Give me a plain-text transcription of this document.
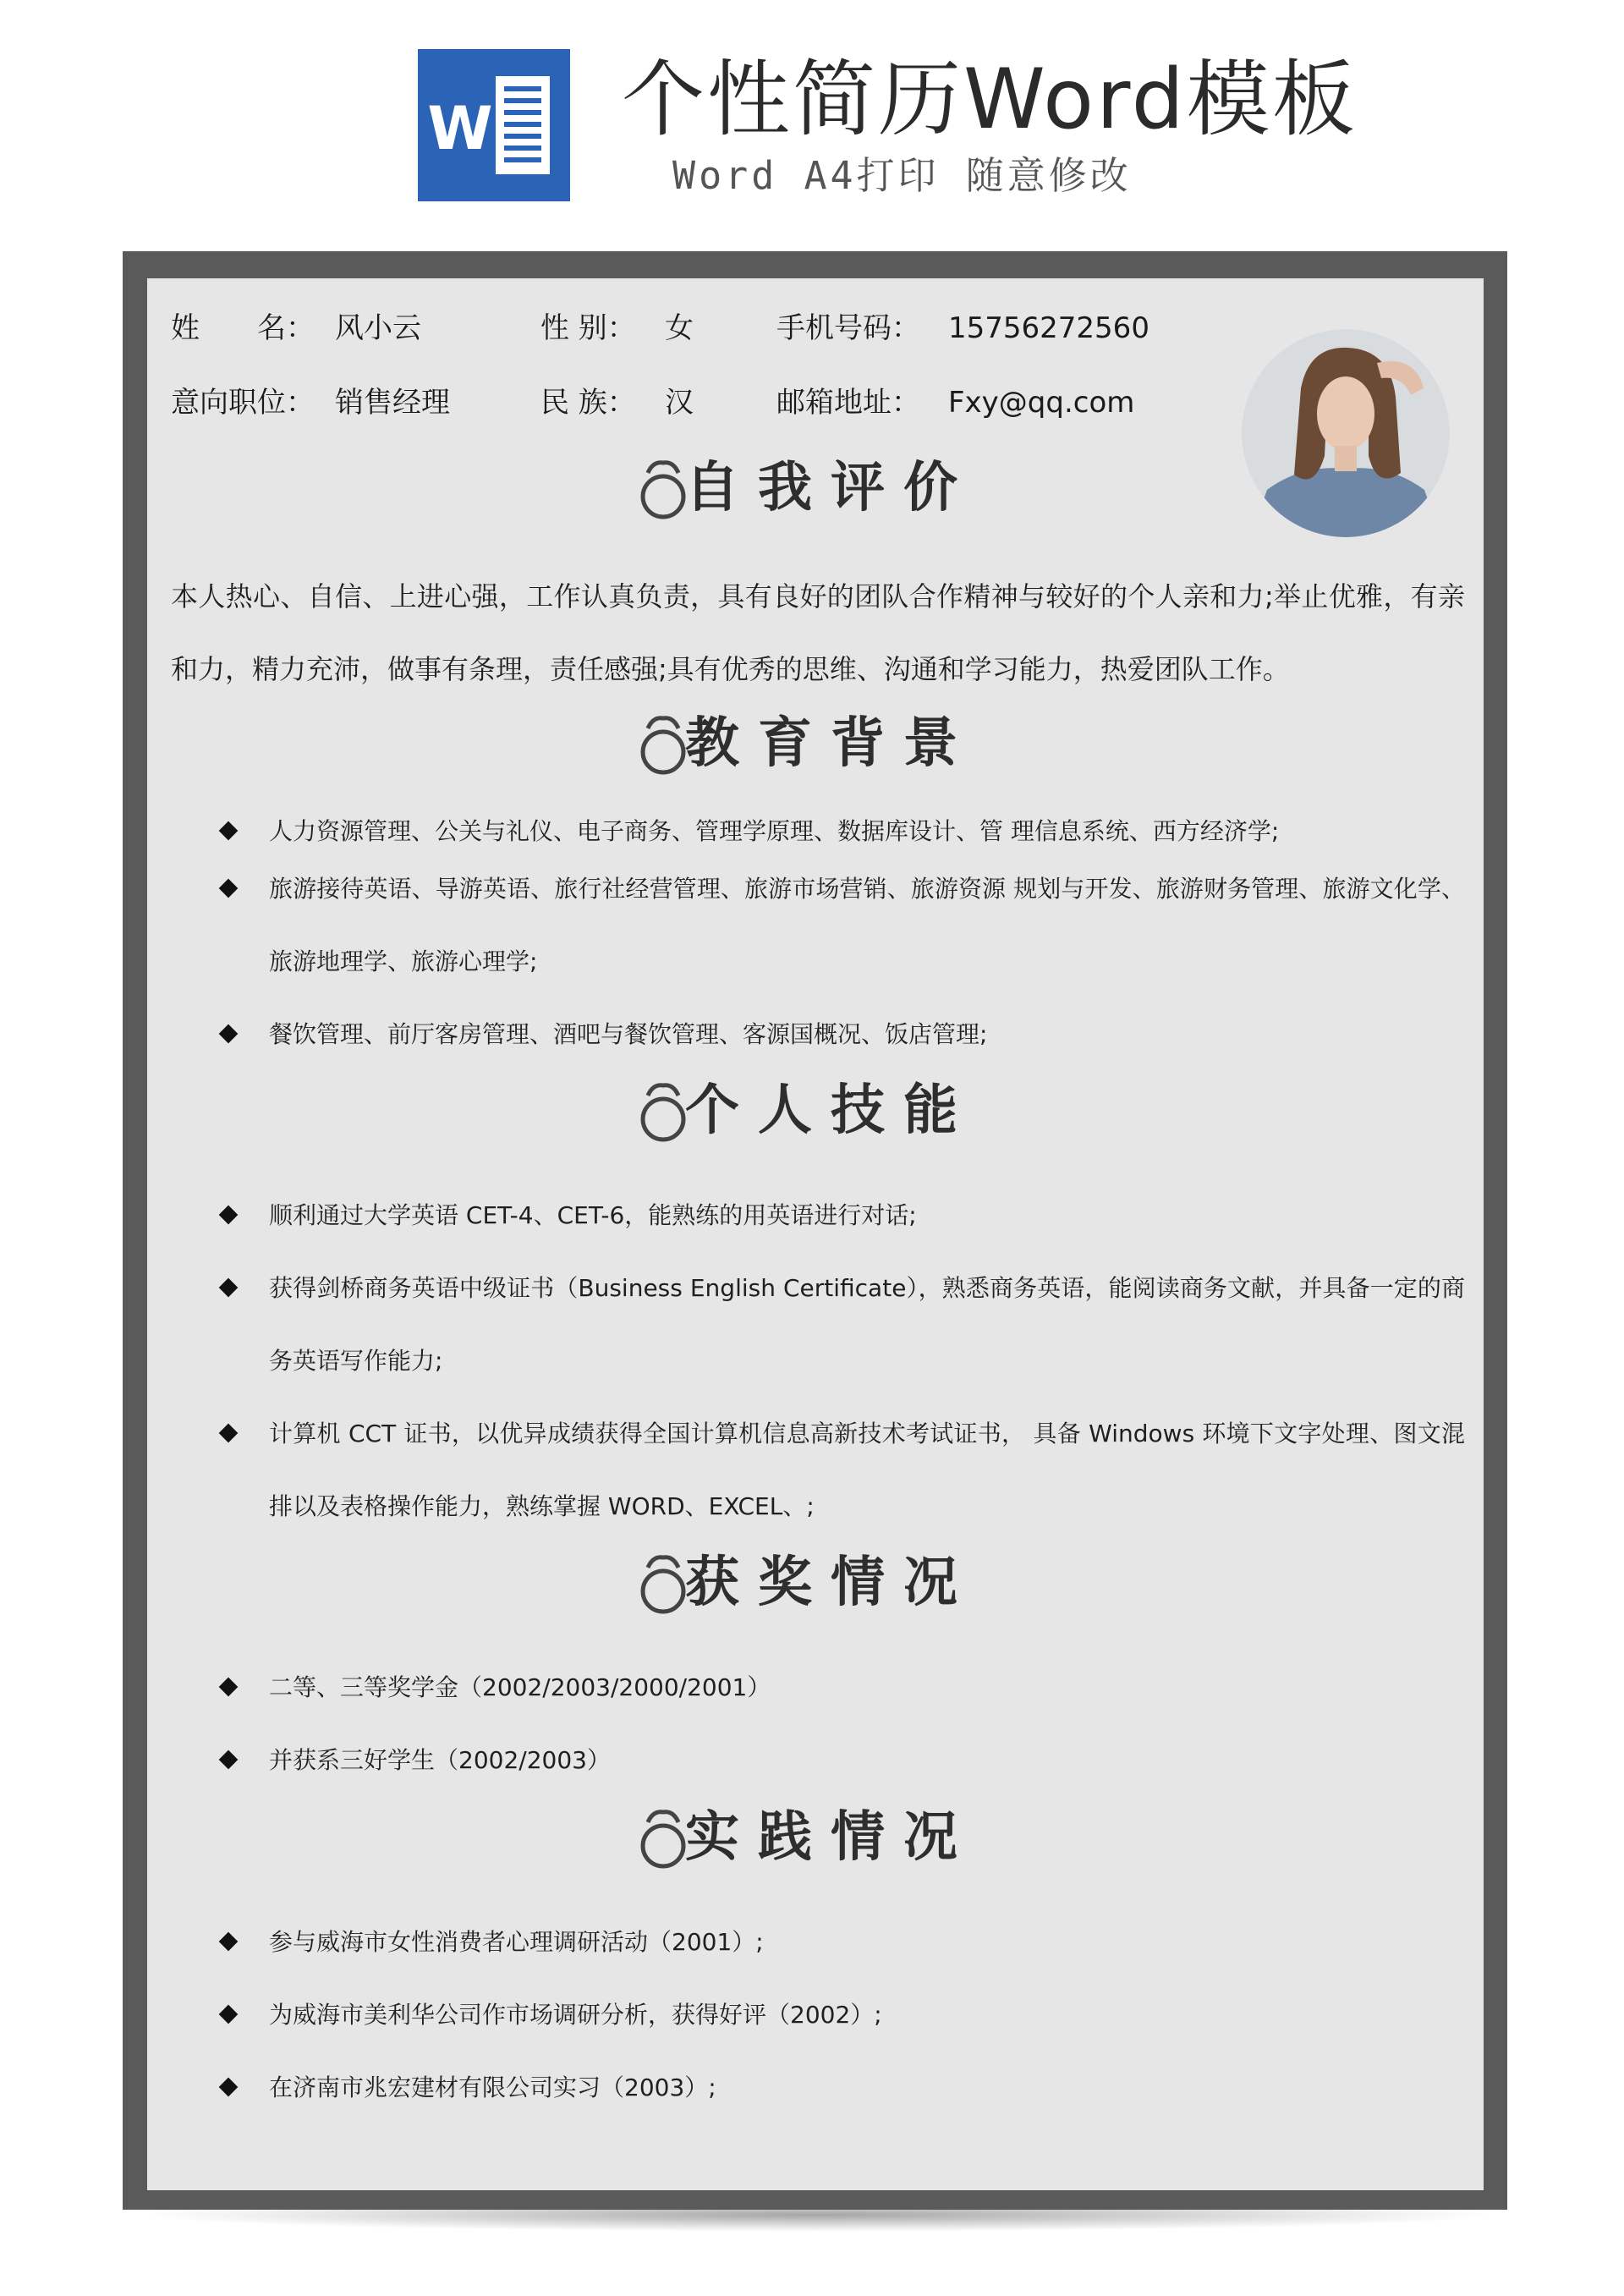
W 个性简历Word模板
Word A4打印 随意修改
姓　　名： 风小云	性 别： 女	手机号码： 15756272560
意向职位： 销售经理	民 族： 汉	邮箱地址： Fxy@qq.com
自我评价
本人热心、自信、上进心强，工作认真负责，具有良好的团队合作精神与较好的个人亲和力;举止优雅，有亲和力，精力充沛，做事有条理，责任感强;具有优秀的思维、沟通和学习能力，热爱团队工作。
教育背景
人力资源管理、公关与礼仪、电子商务、管理学原理、数据库设计、管 理信息系统、西方经济学;
旅游接待英语、导游英语、旅行社经营管理、旅游市场营销、旅游资源 规划与开发、旅游财务管理、旅游文化学、旅游地理学、旅游心理学;
餐饮管理、前厅客房管理、酒吧与餐饮管理、客源国概况、饭店管理;
个人技能
顺利通过大学英语 CET-4、CET-6，能熟练的用英语进行对话;
获得剑桥商务英语中级证书（Business English Certificate），熟悉商务英语，能阅读商务文献，并具备一定的商务英语写作能力;
计算机 CCT 证书，以优异成绩获得全国计算机信息高新技术考试证书， 具备 Windows 环境下文字处理、图文混排以及表格操作能力，熟练掌握 WORD、EXCEL、;
获奖情况
二等、三等奖学金（2002/2003/2000/2001）
并获系三好学生（2002/2003）
实践情况
参与威海市女性消费者心理调研活动（2001）;
为威海市美利华公司作市场调研分析，获得好评（2002）;
在济南市兆宏建材有限公司实习（2003）;
